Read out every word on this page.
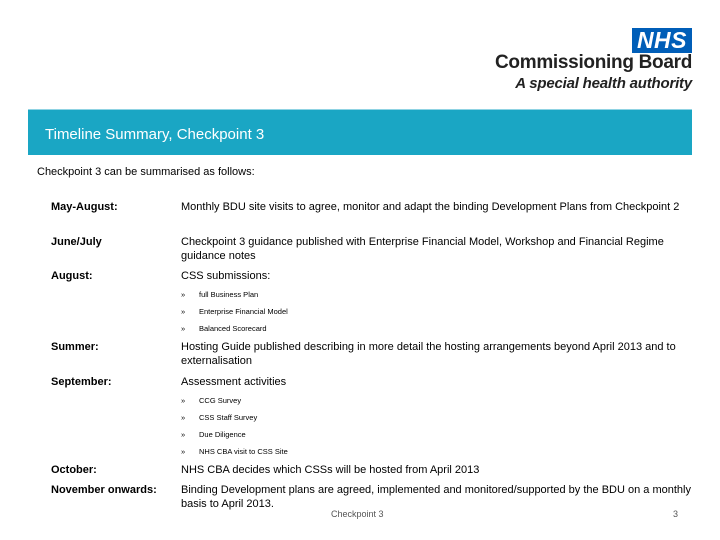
NHS
Commissioning Board
A special health authority
Timeline Summary, Checkpoint 3
Checkpoint 3 can be summarised as follows:
May-August:	Monthly BDU site visits to agree, monitor and adapt the binding Development Plans from Checkpoint 2
June/July	Checkpoint 3 guidance published with Enterprise Financial Model, Workshop and Financial Regime guidance notes
August:	CSS submissions:
» full Business Plan
» Enterprise Financial Model
» Balanced Scorecard
Summer:	Hosting Guide published describing in more detail the hosting arrangements beyond April 2013 and to externalisation
September:	Assessment activities
» CCG Survey
» CSS Staff Survey
» Due Diligence
» NHS CBA visit to CSS Site
October:	NHS CBA decides which CSSs will be hosted from April 2013
November onwards: Binding Development plans are agreed, implemented and monitored/supported by the BDU on a monthly basis to April 2013.
Checkpoint 3	3
